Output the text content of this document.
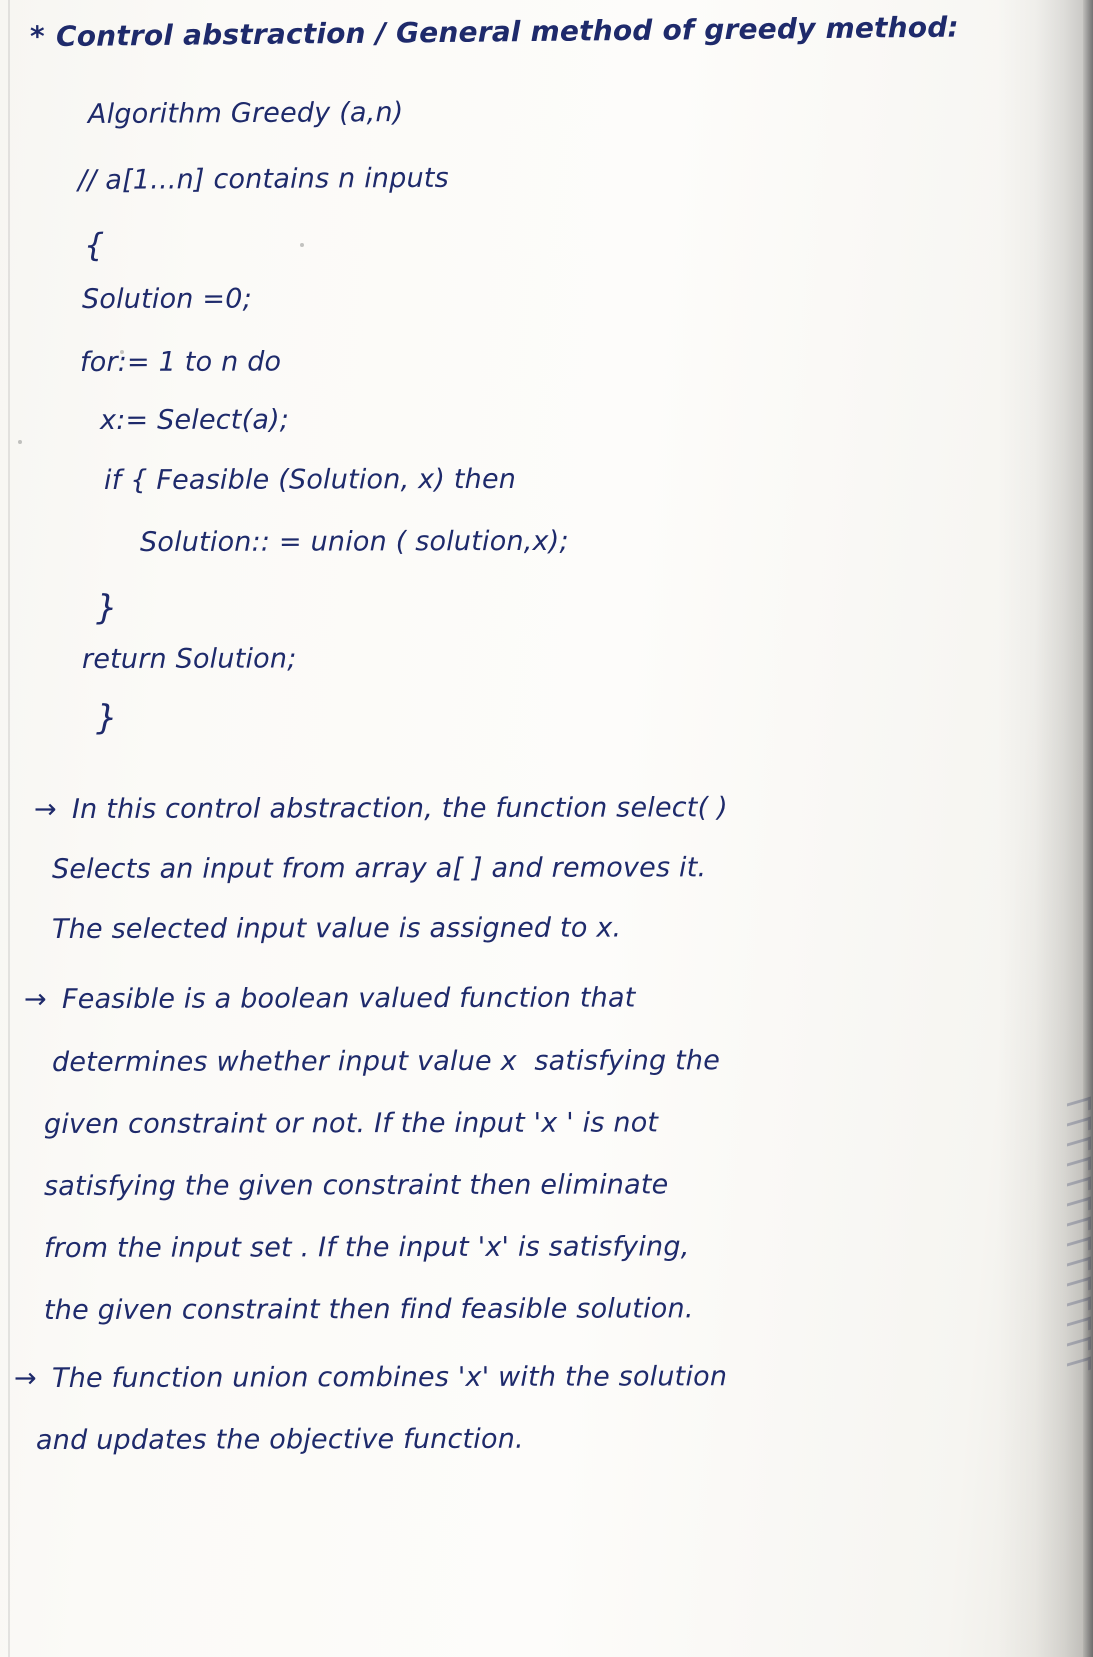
* Control abstraction / General method of greedy method:
Algorithm Greedy (a,n)
// a[1...n] contains n inputs
{
Solution =0;
for:= 1 to n do
x:= Select(a);
if { Feasible (Solution, x) then
Solution:: = union ( solution,x);
}
return Solution;
}
→ In this control abstraction, the function select( )
Selects an input from array a[ ] and removes it.
The selected input value is assigned to x.
→ Feasible is a boolean valued function that
determines whether input value x  satisfying the
given constraint or not. If the input 'x ' is not
satisfying the given constraint then eliminate
from the input set . If the input 'x' is satisfying,
the given constraint then find feasible solution.
→ The function union combines 'x' with the solution
and updates the objective function.
